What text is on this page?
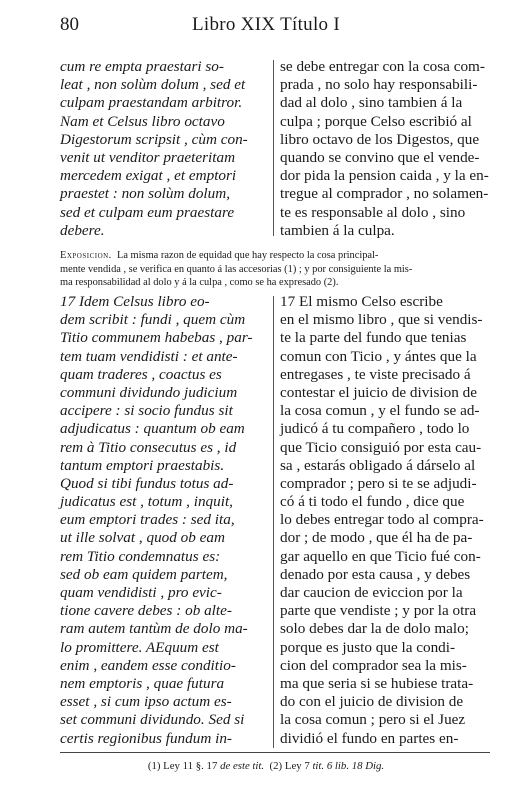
80	Libro XIX Título I
cum re empta praestari so-
leat , non solùm dolum , sed et
culpam praestandam arbitror.
Nam et Celsus libro octavo
Digestorum scripsit , cùm con-
venit ut venditor praeteritam
mercedem exigat , et emptori
praestet : non solùm dolum,
sed et culpam eum praestare
debere.
se debe entregar con la cosa com-
prada , no solo hay responsabili-
dad al dolo , sino tambien á la
culpa ; porque Celso escribió al
libro octavo de los Digestos, que
quando se convino que el vende-
dor pida la pension caida , y la en-
tregue al comprador , no solamen-
te es responsable al dolo , sino
tambien á la culpa.
Exposicion. La misma razon de equidad que hay respecto la cosa principal-
mente vendida , se verifica en quanto á las accesorias (1) ; y por consiguiente la mis-
ma responsabilidad al dolo y á la culpa , como se ha expresado (2).
17 Idem Celsus libro eo-
dem scribit : fundi , quem cùm
Titio communem habebas , par-
tem tuam vendidisti : et ante-
quam traderes , coactus es
communi dividundo judicium
accipere : si socio fundus sit
adjudicatus : quantum ob eam
rem à Titio consecutus es , id
tantum emptori praestabis.
Quod si tibi fundus totus ad-
judicatus est , totum , inquit,
eum emptori trades : sed ita,
ut ille solvat , quod ob eam
rem Titio condemnatus es:
sed ob eam quidem partem,
quam vendidisti , pro evic-
tione cavere debes : ob alte-
ram autem tantùm de dolo ma-
lo promittere. AEquum est
enim , eandem esse conditio-
nem emptoris , quae futura
esset , si cum ipso actum es-
set communi dividundo. Sed si
certis regionibus fundum in-
17 El mismo Celso escribe
en el mismo libro , que si vendis-
te la parte del fundo que tenias
comun con Ticio , y ántes que la
entregases , te viste precisado á
contestar el juicio de division de
la cosa comun , y el fundo se ad-
judicó á tu compañero , todo lo
que Ticio consiguió por esta cau-
sa , estarás obligado á dárselo al
comprador ; pero si te se adjudi-
có á ti todo el fundo , dice que
lo debes entregar todo al compra-
dor ; de modo , que él ha de pa-
gar aquello en que Ticio fué con-
denado por esta causa , y debes
dar caucion de eviccion por la
parte que vendiste ; y por la otra
solo debes dar la de dolo malo;
porque es justo que la condi-
cion del comprador sea la mis-
ma que seria si se hubiese trata-
do con el juicio de division de
la cosa comun ; pero si el Juez
dividió el fundo en partes en-
(1) Ley 11 §. 17 de este tit. (2) Ley 7 tit. 6 lib. 18 Dig.
